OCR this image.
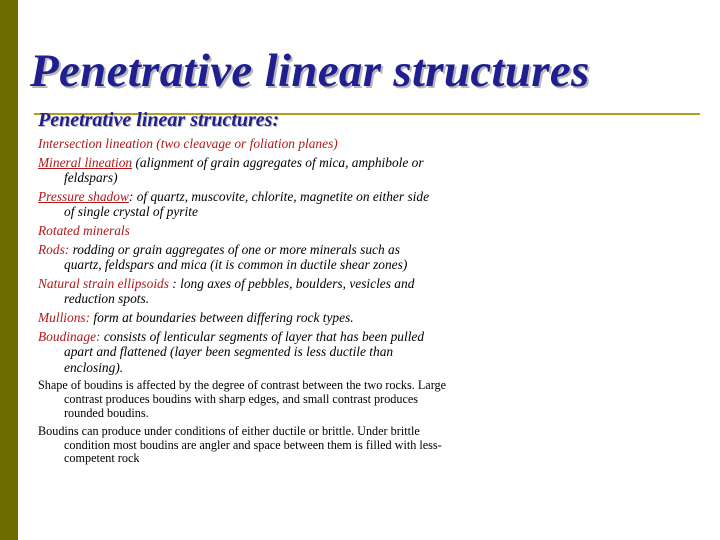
Penetrative linear structures
Penetrative linear structures:

Intersection lineation (two cleavage or foliation planes)

Mineral lineation (alignment of grain aggregates of mica, amphibole or feldspars)

Pressure shadow: of quartz, muscovite, chlorite, magnetite on either side of single crystal of pyrite

Rotated minerals

Rods: rodding or grain aggregates of one or more minerals such as quartz, feldspars and mica (it is common in ductile shear zones)

Natural strain ellipsoids : long axes of pebbles, boulders, vesicles and reduction spots.

Mullions: form at boundaries between differing rock types.

Boudinage: consists of lenticular segments of layer that has been pulled apart and flattened (layer been segmented is less ductile than enclosing).

Shape of boudins is affected by the degree of contrast between the two rocks. Large contrast produces boudins with sharp edges, and small contrast produces rounded boudins.

Boudins can produce under conditions of either ductile or brittle. Under brittle condition most boudins are angler and space between them is filled with less-competent rock
